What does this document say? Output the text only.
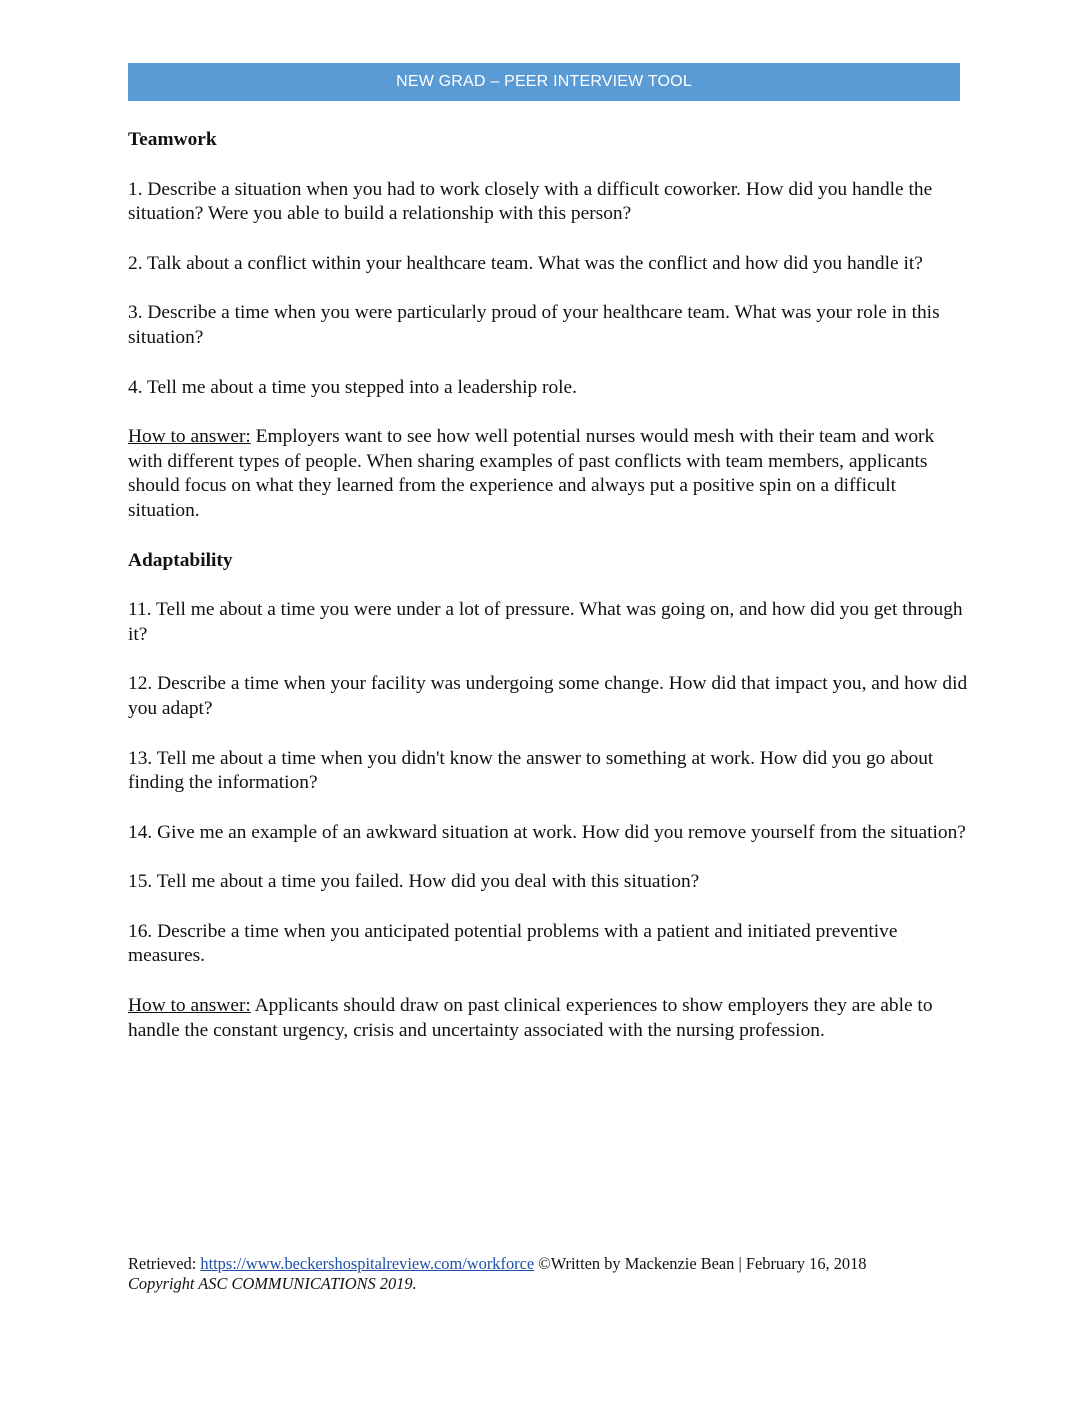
NEW GRAD – PEER INTERVIEW TOOL
Teamwork

1. Describe a situation when you had to work closely with a difficult coworker. How did you handle the situation? Were you able to build a relationship with this person?

2. Talk about a conflict within your healthcare team. What was the conflict and how did you handle it?

3. Describe a time when you were particularly proud of your healthcare team. What was your role in this situation?

4. Tell me about a time you stepped into a leadership role.

How to answer: Employers want to see how well potential nurses would mesh with their team and work with different types of people. When sharing examples of past conflicts with team members, applicants should focus on what they learned from the experience and always put a positive spin on a difficult situation.

Adaptability

11. Tell me about a time you were under a lot of pressure. What was going on, and how did you get through it?

12. Describe a time when your facility was undergoing some change. How did that impact you, and how did you adapt?

13. Tell me about a time when you didn't know the answer to something at work. How did you go about finding the information?

14. Give me an example of an awkward situation at work. How did you remove yourself from the situation?

15. Tell me about a time you failed. How did you deal with this situation?

16. Describe a time when you anticipated potential problems with a patient and initiated preventive measures.

How to answer: Applicants should draw on past clinical experiences to show employers they are able to handle the constant urgency, crisis and uncertainty associated with the nursing profession.

Retrieved: https://www.beckershospitalreview.com/workforce ©Written by Mackenzie Bean | February 16, 2018
Copyright ASC COMMUNICATIONS 2019.
